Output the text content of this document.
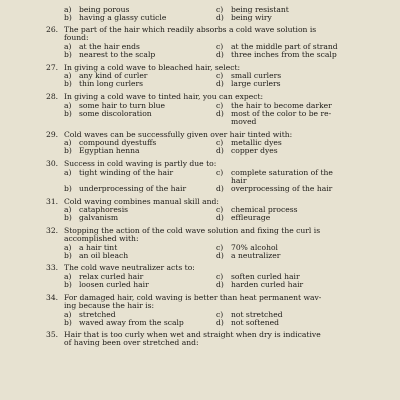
a) being porous	c)	being resistant
b) having a glassy cuticle	d) being wiry
26. The part of the hair which readily absorbs a cold wave solution is
found:
a) at the hair ends	c)	at the middle part of strand
b) nearest to the scalp	d) three inches from the scalp
27. In giving a cold wave to bleached hair, select:
a) any kind of curler	c)	small curlers
b) thin long curlers	d) large curlers
28. In giving a cold wave to tinted hair, you can expect:
a) some hair to turn blue	c)	the hair to become darker
b) some discoloration	d) most of the color to be re-
moved
29. Cold waves can be successfully given over hair tinted with:
a) compound dyestuffs	c)	metallic dyes
b) Egyptian henna	d) copper dyes
30. Success in cold waving is partly due to:
a) tight winding of the hair	c)	complete saturation of the
hair
b) underprocessing of the hair	d) overprocessing of the hair
31. Cold waving combines manual skill and:
a) cataphoresis	c)	chemical process
b) galvanism	d) effleurage
32. Stopping the action of the cold wave solution and fixing the curl is
accomplished with:
a) a hair tint	c)	70% alcohol
b) an oil bleach	d) a neutralizer
33. The cold wave neutralizer acts to:
a) relax curled hair	c)	soften curled hair
b) loosen curled hair	d) harden curled hair
34. For damaged hair, cold waving is better than heat permanent wav-
ing because the hair is:
a) stretched	c)	not stretched
b) waved away from the scalp	d) not softened
35. Hair that is too curly when wet and straight when dry is indicative
of having been over stretched and:
